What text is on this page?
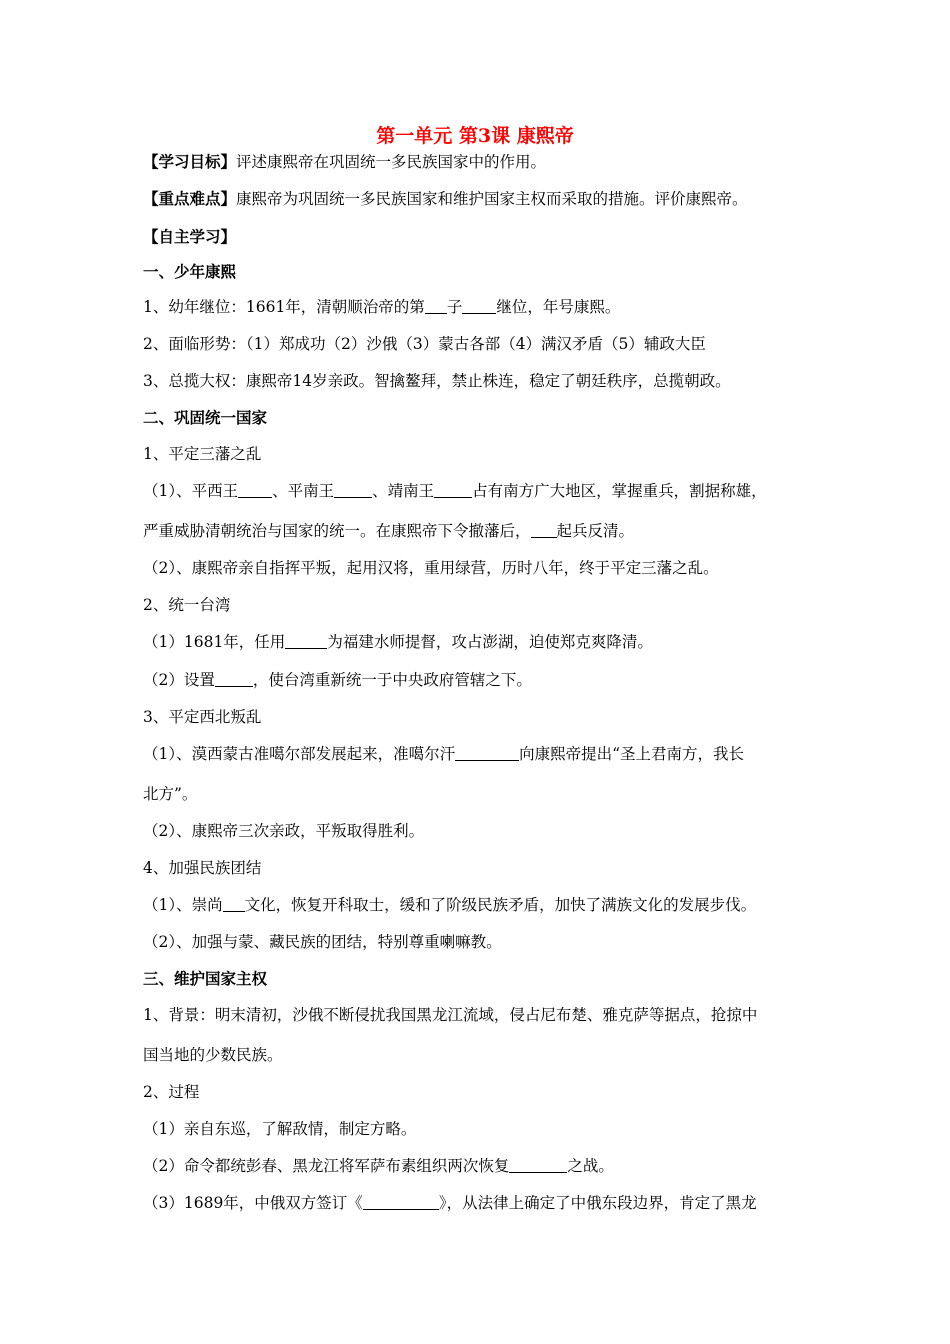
第一单元 第3课 康熙帝
【学习目标】评述康熙帝在巩固统一多民族国家中的作用。
【重点难点】康熙帝为巩固统一多民族国家和维护国家主权而采取的措施。评价康熙帝。
【自主学习】
一、少年康熙
1、幼年继位：1661年，清朝顺治帝的第 子 继位，年号康熙。
2、面临形势：（1）郑成功（2）沙俄（3）蒙古各部（4）满汉矛盾（5）辅政大臣
3、总揽大权：康熙帝14岁亲政。智擒鳌拜，禁止株连，稳定了朝廷秩序，总揽朝政。
二、巩固统一国家
1、平定三藩之乱
（1）、平西王 、平南王 、靖南王 占有南方广大地区，掌握重兵，割据称雄，
严重威胁清朝统治与国家的统一。在康熙帝下令撤藩后， 起兵反清。
（2）、康熙帝亲自指挥平叛，起用汉将，重用绿营，历时八年，终于平定三藩之乱。
2、统一台湾
（1）1681年，任用	为福建水师提督，攻占澎湖，迫使郑克爽降清。
（2）设置 ，使台湾重新统一于中央政府管辖之下。
3、平定西北叛乱
（1）、漠西蒙古准噶尔部发展起来，准噶尔汗	向康熙帝提出“圣上君南方，我长
北方”。
（2）、康熙帝三次亲政，平叛取得胜利。
4、加强民族团结
（1）、崇尚 文化，恢复开科取士，缓和了阶级民族矛盾，加快了满族文化的发展步伐。
（2）、加强与蒙、藏民族的团结，特别尊重喇嘛教。
三、维护国家主权
1、背景：明末清初，沙俄不断侵扰我国黑龙江流域，侵占尼布楚、雅克萨等据点，抢掠中
国当地的少数民族。
2、过程
（1）亲自东巡，了解敌情，制定方略。
（2）命令都统彭春、黑龙江将军萨布素组织两次恢复	之战。
（3）1689年，中俄双方签订《	》，从法律上确定了中俄东段边界，肯定了黑龙
